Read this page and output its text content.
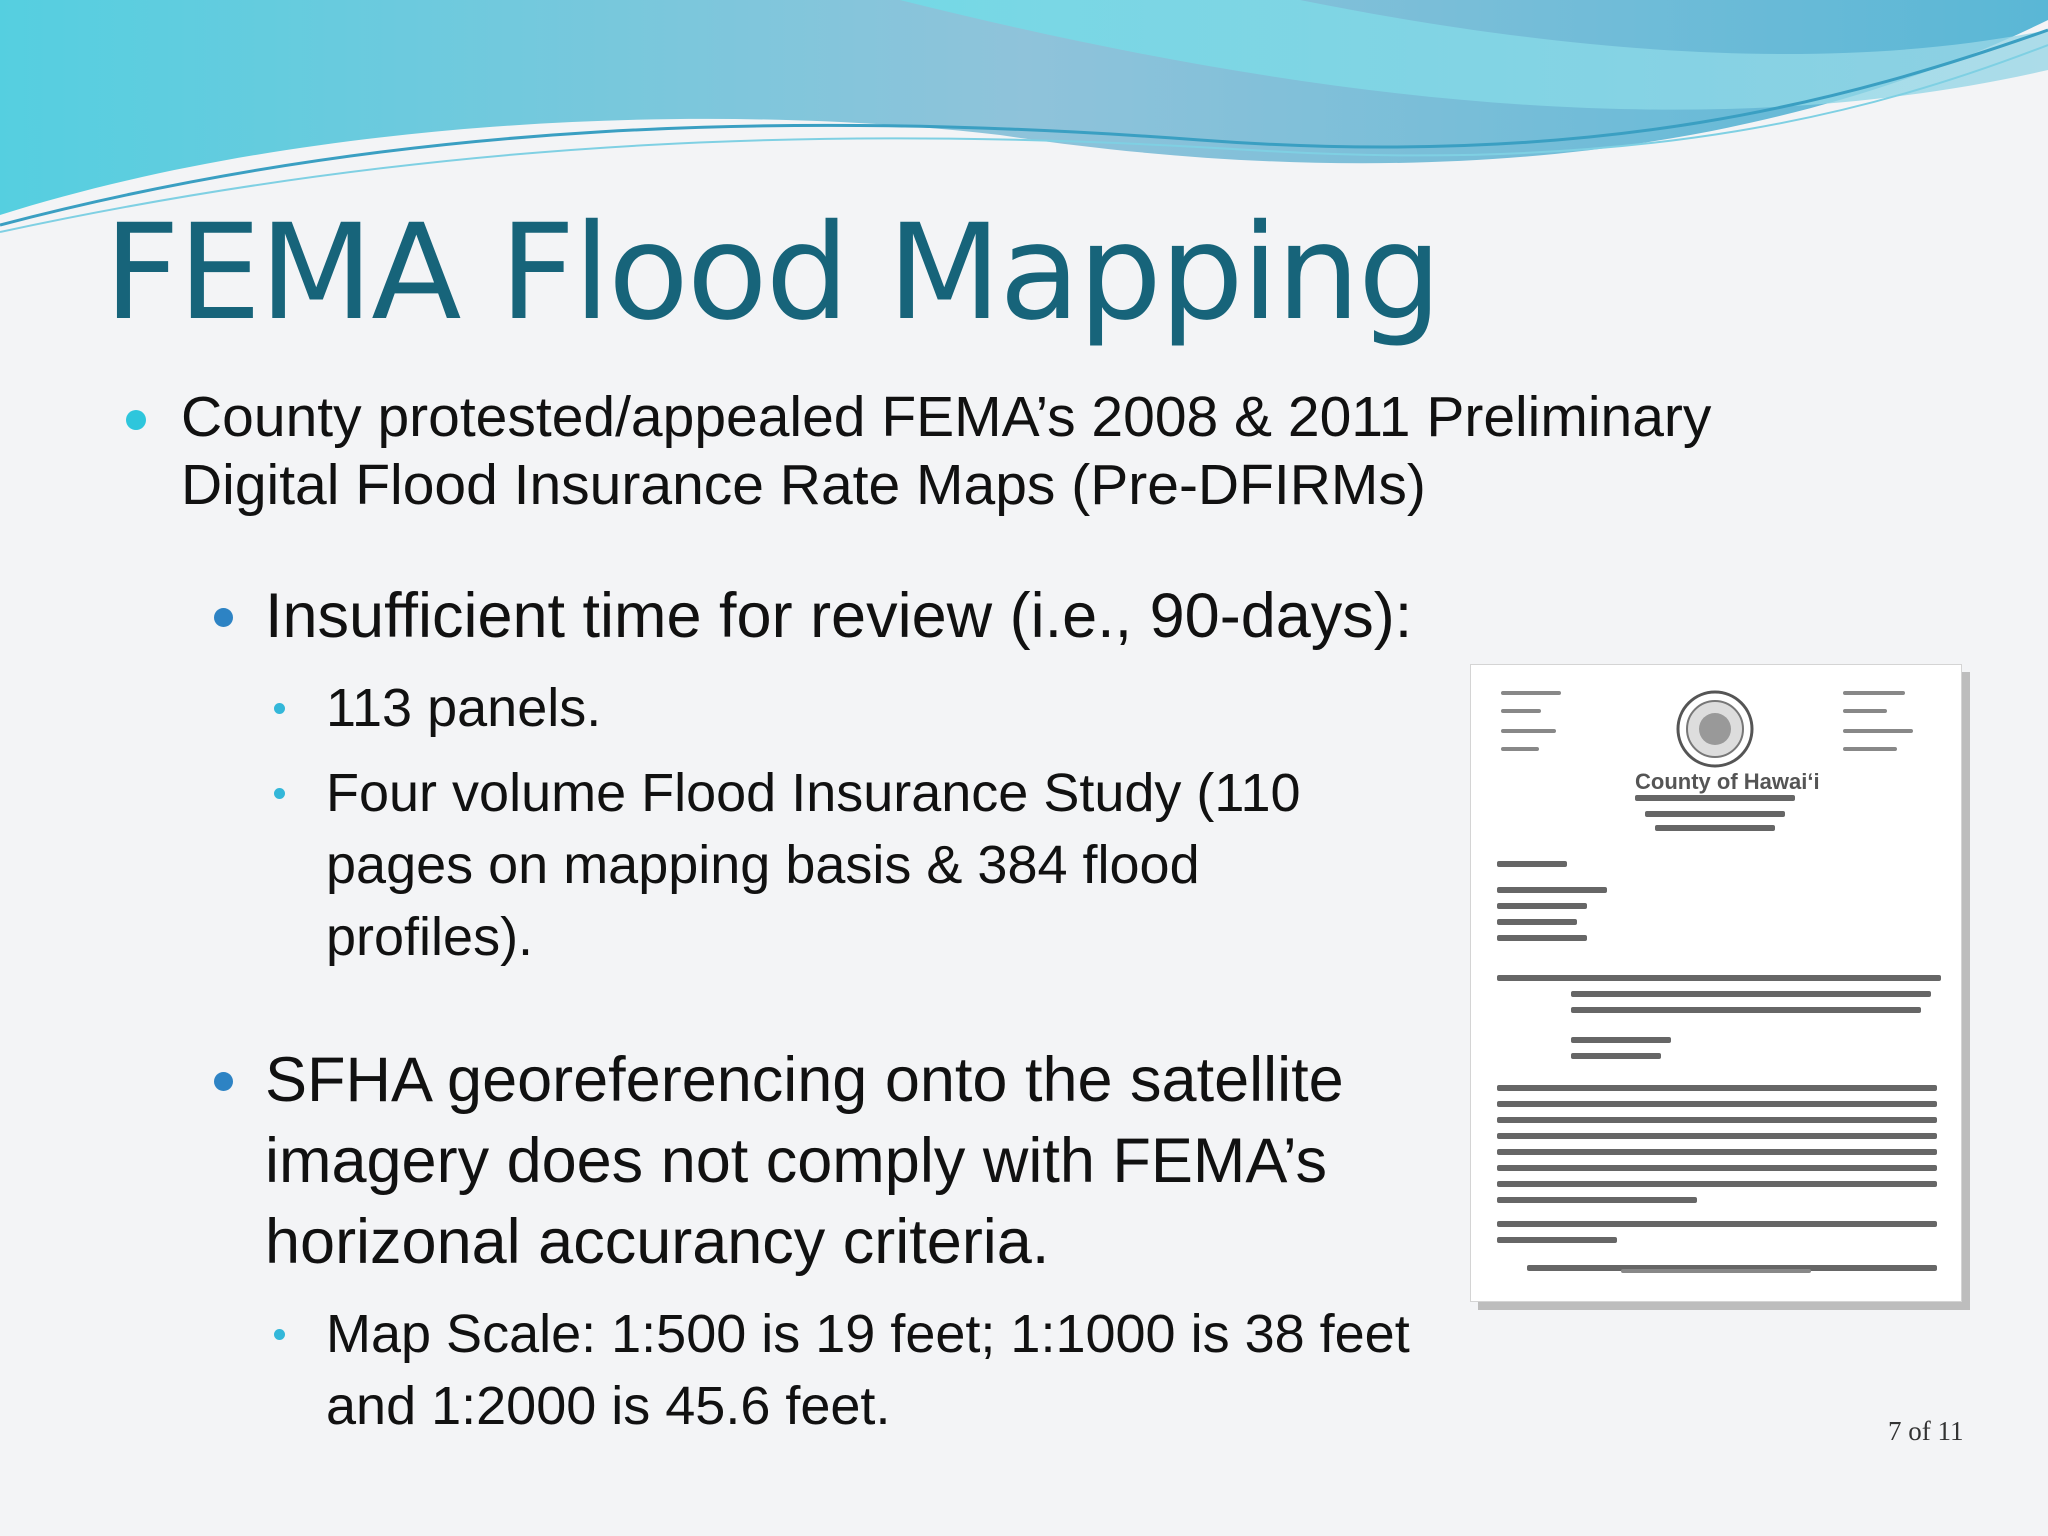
FEMA Flood Mapping
County protested/appealed FEMA’s 2008 & 2011 Preliminary
Digital Flood Insurance Rate Maps (Pre-DFIRMs)
Insufficient time for review (i.e., 90-days):
113 panels.
Four volume Flood Insurance Study (110
pages on mapping basis & 384 flood
profiles).
SFHA georeferencing onto the satellite
imagery does not comply with FEMA’s
horizonal accurancy criteria.
Map Scale: 1:500 is 19 feet; 1:1000 is 38 feet
and 1:2000 is 45.6 feet.
County of Hawai‘i
7 of 11
